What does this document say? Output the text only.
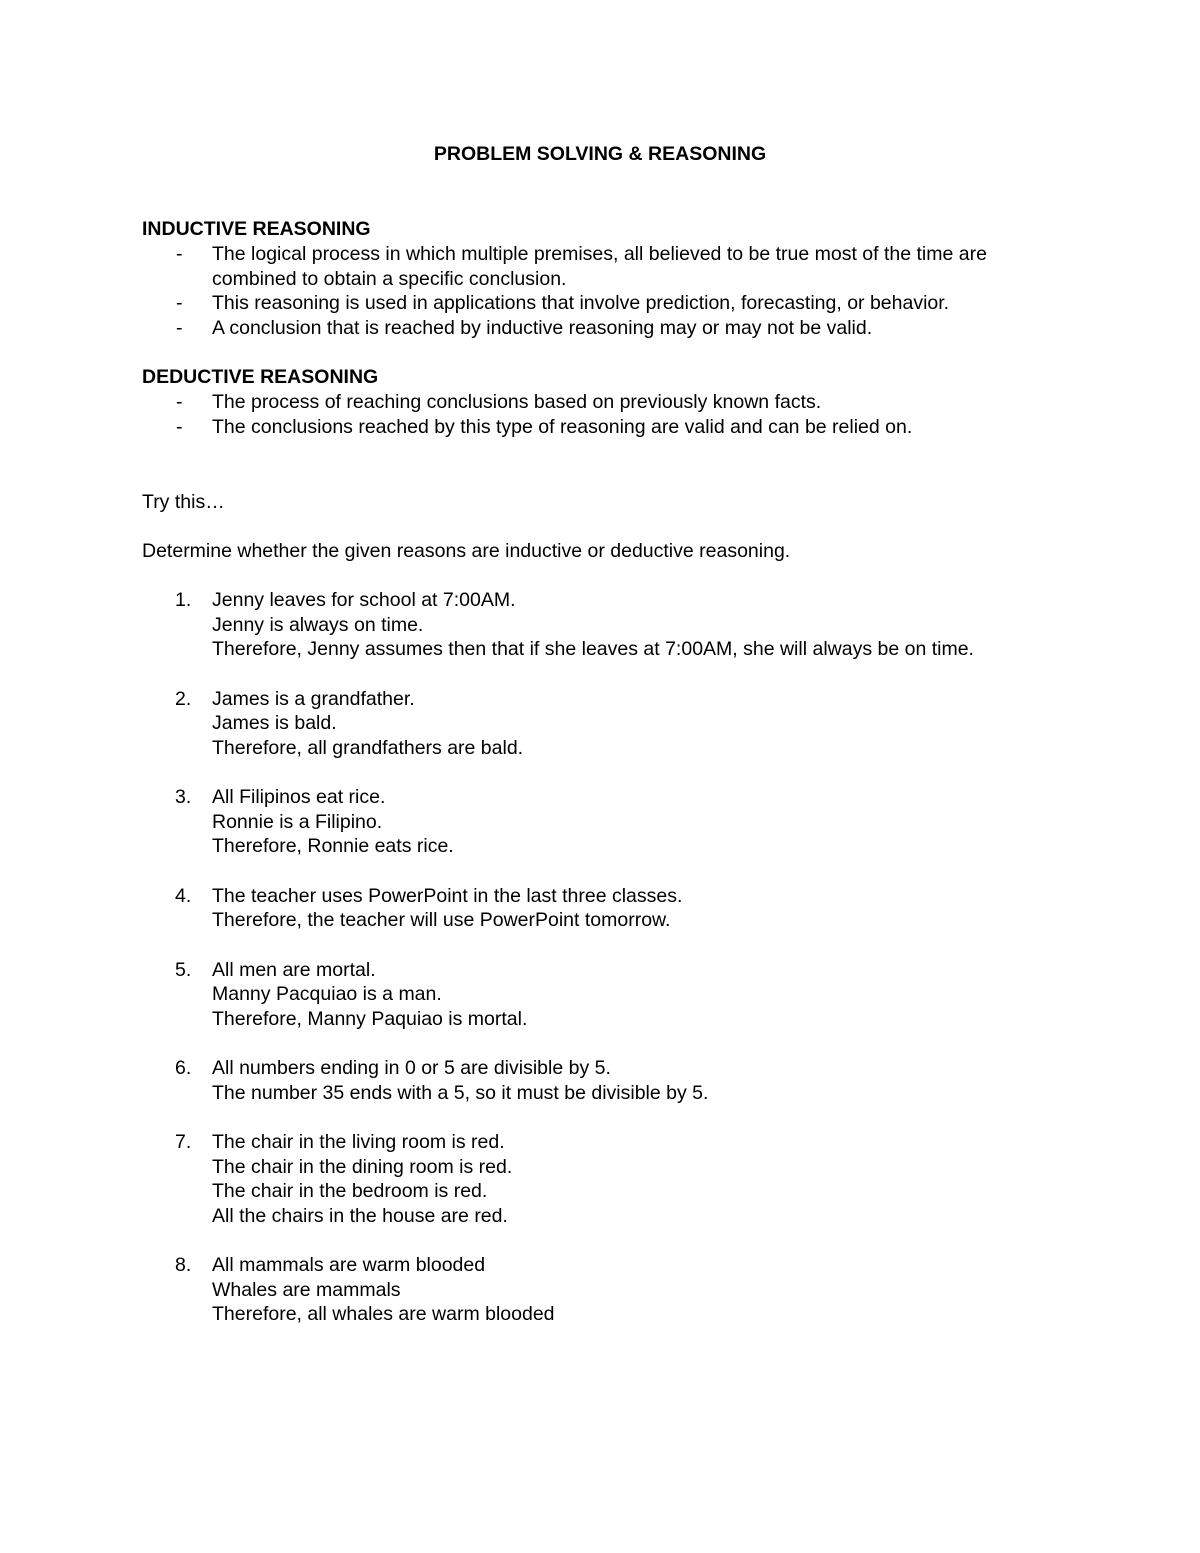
PROBLEM SOLVING & REASONING
INDUCTIVE REASONING
- The logical process in which multiple premises, all believed to be true most of the time are combined to obtain a specific conclusion.
- This reasoning is used in applications that involve prediction, forecasting, or behavior.
- A conclusion that is reached by inductive reasoning may or may not be valid.
DEDUCTIVE REASONING
- The process of reaching conclusions based on previously known facts.
- The conclusions reached by this type of reasoning are valid and can be relied on.
Try this…
Determine whether the given reasons are inductive or deductive reasoning.
1. Jenny leaves for school at 7:00AM.
Jenny is always on time.
Therefore, Jenny assumes then that if she leaves at 7:00AM, she will always be on time.
2. James is a grandfather.
James is bald.
Therefore, all grandfathers are bald.
3. All Filipinos eat rice.
Ronnie is a Filipino.
Therefore, Ronnie eats rice.
4. The teacher uses PowerPoint in the last three classes.
Therefore, the teacher will use PowerPoint tomorrow.
5. All men are mortal.
Manny Pacquiao is a man.
Therefore, Manny Paquiao is mortal.
6. All numbers ending in 0 or 5 are divisible by 5.
The number 35 ends with a 5, so it must be divisible by 5.
7. The chair in the living room is red.
The chair in the dining room is red.
The chair in the bedroom is red.
All the chairs in the house are red.
8. All mammals are warm blooded
Whales are mammals
Therefore, all whales are warm blooded
